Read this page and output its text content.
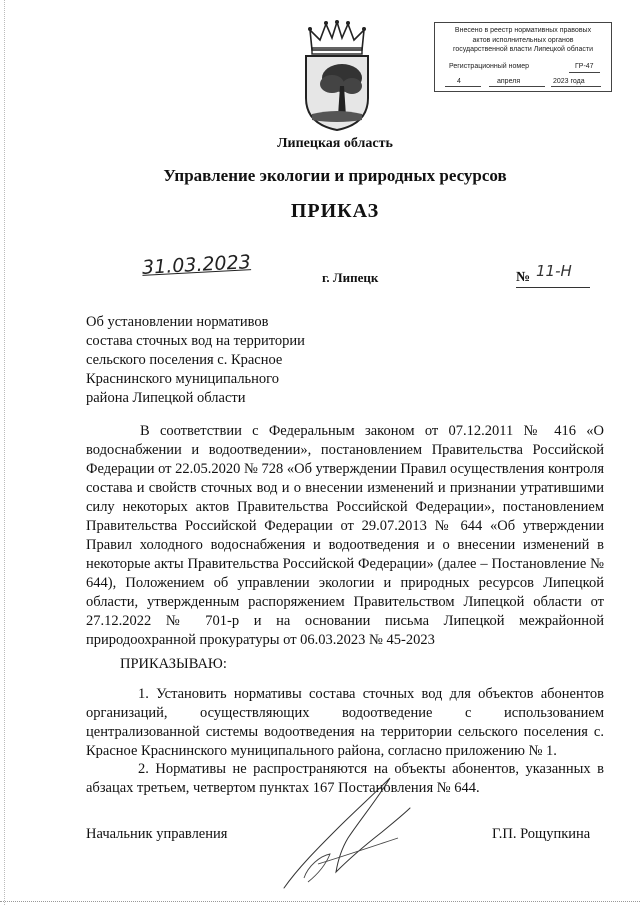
Внесено в реестр нормативных правовых
актов исполнительных органов
государственной власти Липецкой области
Регистрационный номер	ГР-47
4	апреля	2023 года
Липецкая область
Управление экологии и природных ресурсов
ПРИКАЗ
31.03.2023	г. Липецк	№ 11-Н
Об установлении нормативов
состава сточных вод на территории
сельского поселения с. Красное
Краснинского муниципального
района Липецкой области

В соответствии с Федеральным законом от 07.12.2011 № 416 «О водоснабжении и водоотведении», постановлением Правительства Российской Федерации от 22.05.2020 № 728 «Об утверждении Правил осуществления контроля состава и свойств сточных вод и о внесении изменений и признании утратившими силу некоторых актов Правительства Российской Федерации», постановлением Правительства Российской Федерации от 29.07.2013 № 644 «Об утверждении Правил холодного водоснабжения и водоотведения и о внесении изменений в некоторые акты Правительства Российской Федерации» (далее – Постановление № 644), Положением об управлении экологии и природных ресурсов Липецкой области, утвержденным распоряжением Правительством Липецкой области от 27.12.2022 № 701-р и на основании письма Липецкой межрайонной природоохранной прокуратуры от 06.03.2023 № 45-2023

ПРИКАЗЫВАЮ:

1. Установить нормативы состава сточных вод для объектов абонентов организаций, осуществляющих водоотведение с использованием централизованной системы водоотведения на территории сельского поселения с. Красное Краснинского муниципального района, согласно приложению № 1.

2. Нормативы не распространяются на объекты абонентов, указанных в абзацах третьем, четвертом пунктах 167 Постановления № 644.

Начальник управления	Г.П. Рощупкина
